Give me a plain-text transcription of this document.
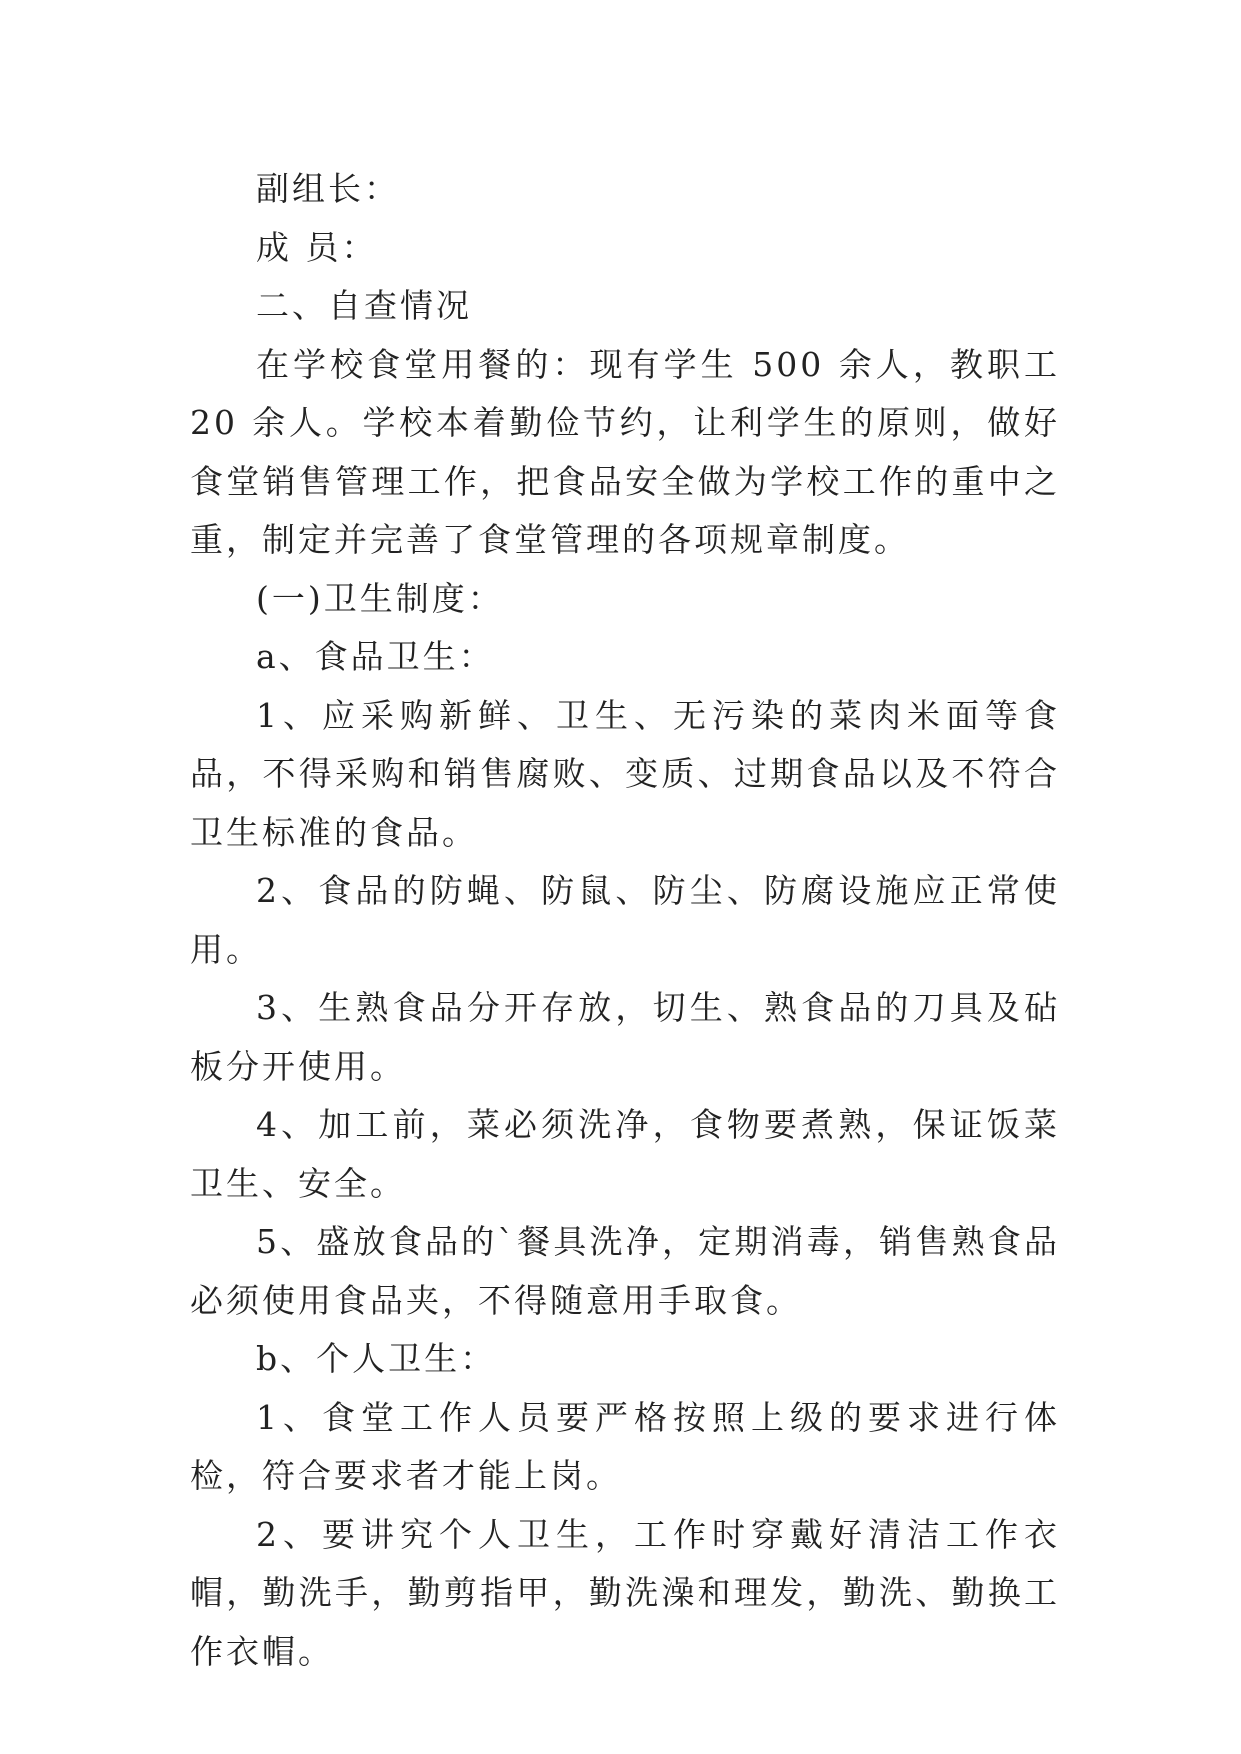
副组长：

成 员：

二、自查情况

在学校食堂用餐的：现有学生 500 余人，教职工 20 余人。学校本着勤俭节约，让利学生的原则，做好食堂销售管理工作，把食品安全做为学校工作的重中之重，制定并完善了食堂管理的各项规章制度。

(一)卫生制度：

a、食品卫生：

1、应采购新鲜、卫生、无污染的菜肉米面等食品，不得采购和销售腐败、变质、过期食品以及不符合卫生标准的食品。

2、食品的防蝇、防鼠、防尘、防腐设施应正常使用。

3、生熟食品分开存放，切生、熟食品的刀具及砧板分开使用。

4、加工前，菜必须洗净，食物要煮熟，保证饭菜卫生、安全。

5、盛放食品的`餐具洗净，定期消毒，销售熟食品必须使用食品夹，不得随意用手取食。

b、个人卫生：

1、食堂工作人员要严格按照上级的要求进行体检，符合要求者才能上岗。

2、要讲究个人卫生，工作时穿戴好清洁工作衣帽，勤洗手，勤剪指甲，勤洗澡和理发，勤洗、勤换工作衣帽。
